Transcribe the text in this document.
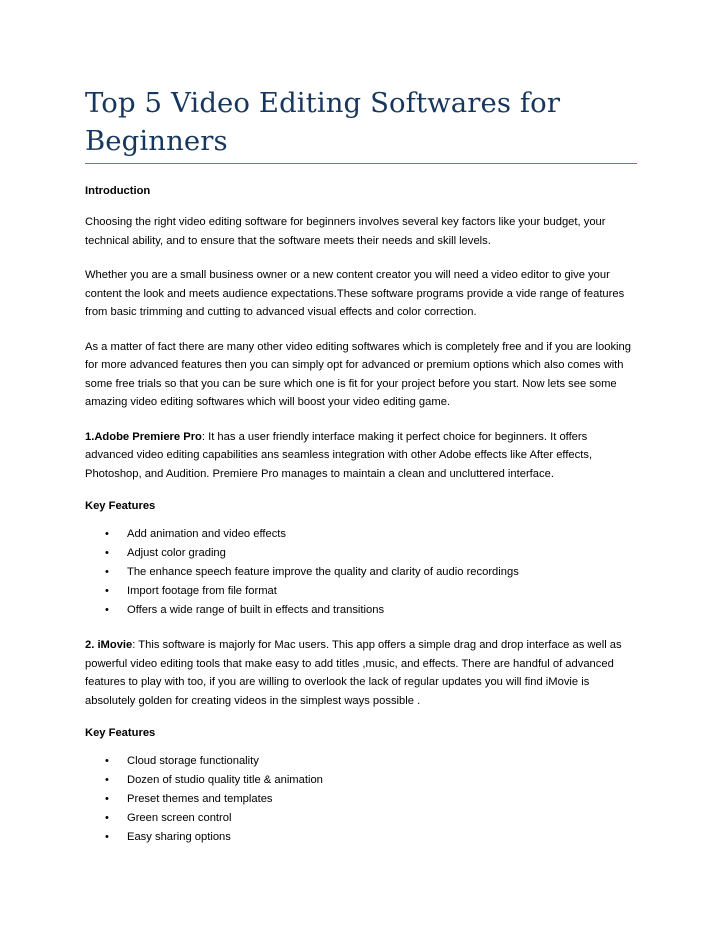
Top 5 Video Editing Softwares for Beginners

Introduction

Choosing the right video editing software for beginners involves several key factors like your budget, your technical ability, and to ensure that the software meets their needs and skill levels.

Whether you are a small business owner or a new content creator you will need a video editor to give your content the look and meets audience expectations.These software programs provide a vide range of features from basic trimming and cutting to advanced visual effects and color correction.

As a matter of fact there are many other video editing softwares which is completely free and if you are looking for more advanced features then you can simply opt for advanced or premium options which also comes with some free trials so that you can be sure which one is fit for your project before you start. Now lets see some amazing video editing softwares which will boost your video editing game.

1.Adobe Premiere Pro: It has a user friendly interface making it perfect choice for beginners. It offers advanced video editing capabilities ans seamless integration with other Adobe effects like After effects, Photoshop, and Audition. Premiere Pro manages to maintain a clean and uncluttered interface.

Key Features

• Add animation and video effects
• Adjust color grading
• The enhance speech feature improve the quality and clarity of audio recordings
• Import footage from file format
• Offers a wide range of built in effects and transitions

2. iMovie: This software is majorly for Mac users. This app offers a simple drag and drop interface as well as powerful video editing tools that make easy to add titles ,music, and effects. There are handful of advanced features to play with too, if you are willing to overlook the lack of regular updates you will find iMovie is absolutely golden for creating videos in the simplest ways possible .

Key Features

• Cloud storage functionality
• Dozen of studio quality title & animation
• Preset themes and templates
• Green screen control
• Easy sharing options
